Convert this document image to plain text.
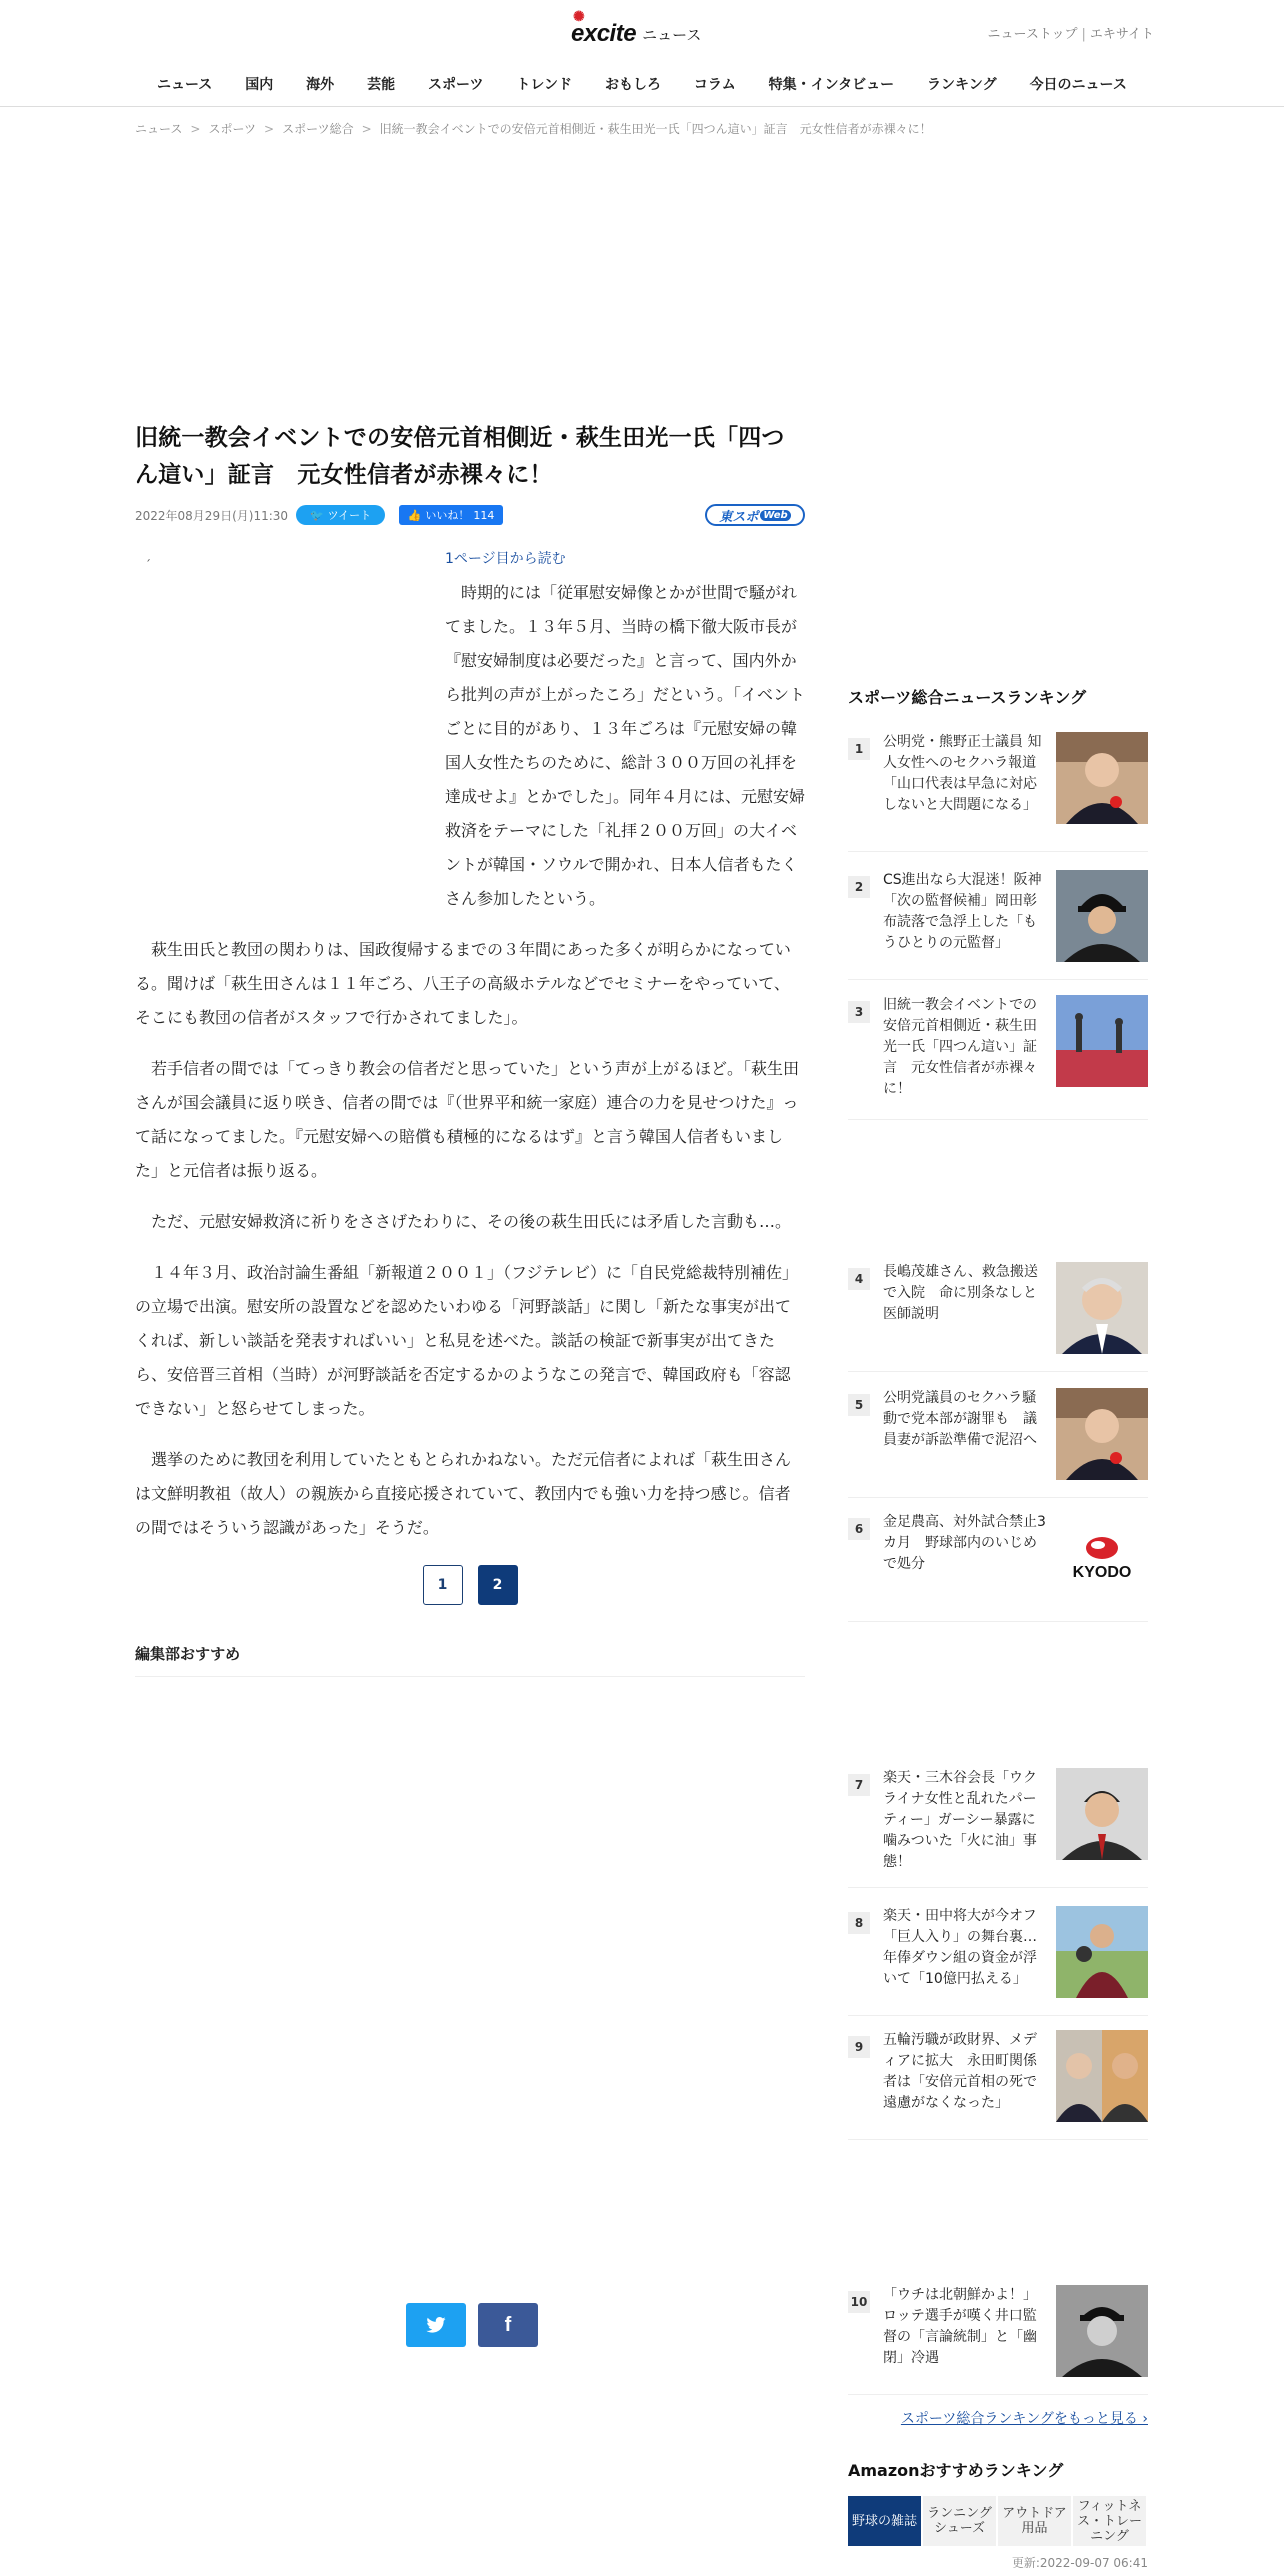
✺
excite ニュース	ニューストップ | エキサイト
ニュース 国内 海外 芸能 スポーツ トレンド おもしろ コラム 特集・インタビュー ランキング 今日のニュース
ニュース > スポーツ > スポーツ総合 > 旧統一教会イベントでの安倍元首相側近・萩生田光一氏「四つん這い」証言　元女性信者が赤裸々に！
旧統一教会イベントでの安倍元首相側近・萩生田光一氏「四つん這い」証言　元女性信者が赤裸々に！
2022年08月29日(月)11:30 🐦 ツイート	👍 いいね！ 114	東スポ Web
ˊ	1ページ目から読む

時期的には「従軍慰安婦像とかが世間で騒がれてました。１３年５月、当時の橋下徹大阪市長が『慰安婦制度は必要だった』と言って、国内外から批判の声が上がったころ」だという。「イベントごとに目的があり、１３年ごろは『元慰安婦の韓国人女性たちのために、総計３００万回の礼拝を達成せよ』とかでした」。同年４月には、元慰安婦救済をテーマにした「礼拝２００万回」の大イベントが韓国・ソウルで開かれ、日本人信者もたくさん参加したという。

萩生田氏と教団の関わりは、国政復帰するまでの３年間にあった多くが明らかになっている。聞けば「萩生田さんは１１年ごろ、八王子の高級ホテルなどでセミナーをやっていて、そこにも教団の信者がスタッフで行かされてました」。

若手信者の間では「てっきり教会の信者だと思っていた」という声が上がるほど。「萩生田さんが国会議員に返り咲き、信者の間では『（世界平和統一家庭）連合の力を見せつけた』って話になってました。『元慰安婦への賠償も積極的になるはず』と言う韓国人信者もいました」と元信者は振り返る。

ただ、元慰安婦救済に祈りをささげたわりに、その後の萩生田氏には矛盾した言動も…。

１４年３月、政治討論生番組「新報道２００１」（フジテレビ）に「自民党総裁特別補佐」の立場で出演。慰安所の設置などを認めたいわゆる「河野談話」に関し「新たな事実が出てくれば、新しい談話を発表すればいい」と私見を述べた。談話の検証で新事実が出てきたら、安倍晋三首相（当時）が河野談話を否定するかのようなこの発言で、韓国政府も「容認できない」と怒らせてしまった。

選挙のために教団を利用していたともとられかねない。ただ元信者によれば「萩生田さんは文鮮明教祖（故人）の親族から直接応援されていて、教団内でも強い力を持つ感じ。信者の間ではそういう認識があった」そうだ。

1	2
編集部おすすめ
f
スポーツ総合ニュースランキング
1	公明党・熊野正士議員 知人女性へのセクハラ報道「山口代表は早急に対応しないと大問題になる」
2	CS進出なら大混迷！阪神「次の監督候補」岡田彰布読落で急浮上した「もうひとりの元監督」
3	旧統一教会イベントでの安倍元首相側近・萩生田光一氏「四つん這い」証言　元女性信者が赤裸々に！
4	長嶋茂雄さん、救急搬送で入院　命に別条なしと医師説明
5	公明党議員のセクハラ騒動で党本部が謝罪も　議員妻が訴訟準備で泥沼へ
6	金足農高、対外試合禁止3カ月　野球部内のいじめで処分	KYODO
7	楽天・三木谷会長「ウクライナ女性と乱れたパーティー」ガーシー暴露に噛みついた「火に油」事態！
8	楽天・田中将大が今オフ「巨人入り」の舞台裏…年俸ダウン組の資金が浮いて「10億円払える」
9	五輪汚職が政財界、メディアに拡大　永田町関係者は「安倍元首相の死で遠慮がなくなった」
10 「ウチは北朝鮮かよ！」ロッテ選手が嘆く井口監督の「言論統制」と「幽閉」冷遇
スポーツ総合ランキングをもっと見る ›
Amazonおすすめランキング
野球の雑誌 ランニングシューズ
アウトドア用品
フィットネス・トレーニング
更新:2022-09-07 06:41
